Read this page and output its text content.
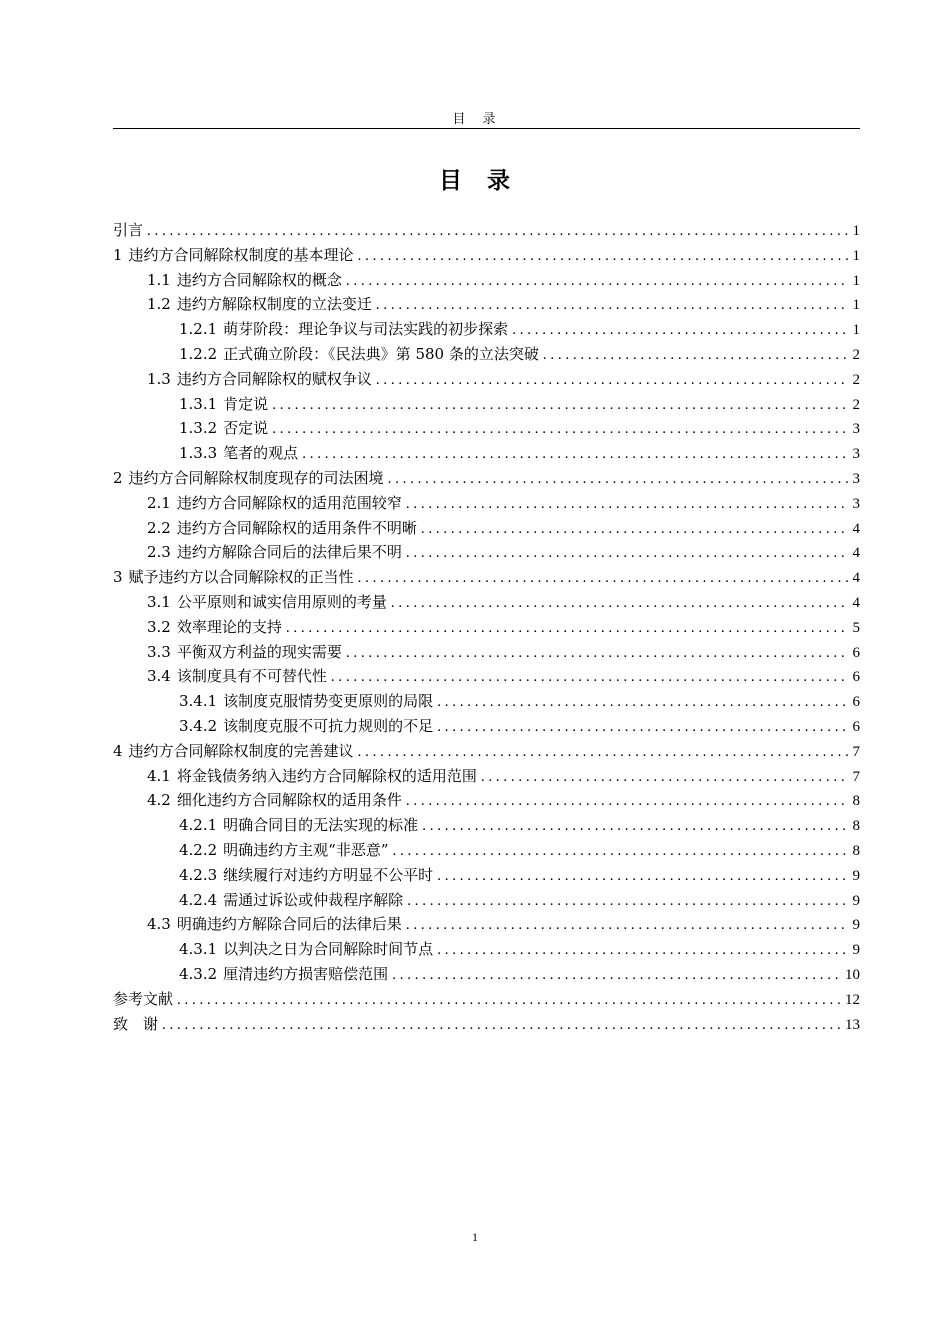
目　录
目　录
引言 . . .	1
1 违约方合同解除权制度的基本理论 . . .	1
1.1 违约方合同解除权的概念 . . .	1
1.2 违约方解除权制度的立法变迁 . . .	1
1.2.1 萌芽阶段：理论争议与司法实践的初步探索 . . .	1
1.2.2 正式确立阶段：《民法典》第 580 条的立法突破 . . .	2
1.3 违约方合同解除权的赋权争议 . . .	2
1.3.1 肯定说 . . .	2
1.3.2 否定说 . . .	3
1.3.3 笔者的观点 . . .	3
2 违约方合同解除权制度现存的司法困境 . . .	3
2.1 违约方合同解除权的适用范围较窄 . . .	3
2.2 违约方合同解除权的适用条件不明晰 . . .	4
2.3 违约方解除合同后的法律后果不明 . . .	4
3 赋予违约方以合同解除权的正当性 . . .	4
3.1 公平原则和诚实信用原则的考量 . . .	4
3.2 效率理论的支持 . . .	5
3.3 平衡双方利益的现实需要 . . .	6
3.4 该制度具有不可替代性 . . .	6
3.4.1 该制度克服情势变更原则的局限 . . .	6
3.4.2 该制度克服不可抗力规则的不足 . . .	6
4 违约方合同解除权制度的完善建议 . . .	7
4.1 将金钱债务纳入违约方合同解除权的适用范围 . . .	7
4.2 细化违约方合同解除权的适用条件 . . .	8
4.2.1 明确合同目的无法实现的标准 . . .	8
4.2.2 明确违约方主观“非恶意” . . .	8
4.2.3 继续履行对违约方明显不公平时 . . .	9
4.2.4 需通过诉讼或仲裁程序解除 . . .	9
4.3 明确违约方解除合同后的法律后果 . . .	9
4.3.1 以判决之日为合同解除时间节点 . . .	9
4.3.2 厘清违约方损害赔偿范围 . . .	10
参考文献 . . .	12
致　谢 . . .	13
1
